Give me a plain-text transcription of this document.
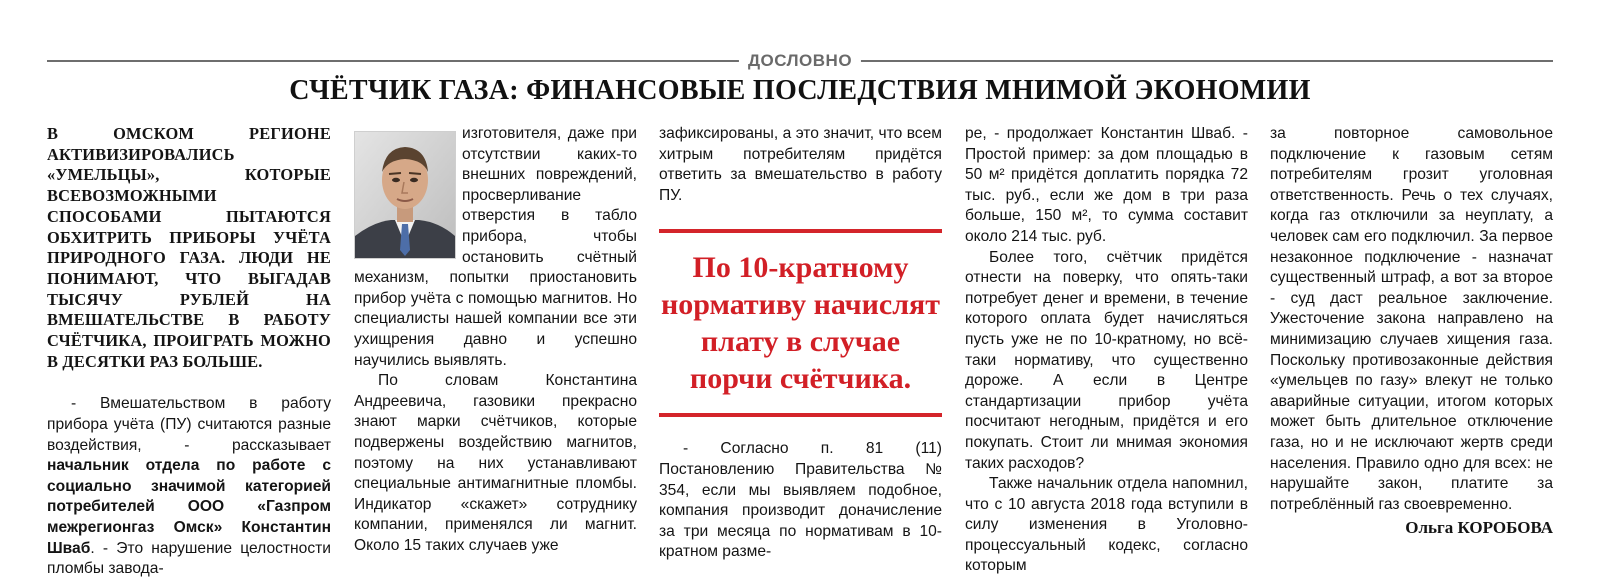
ДОСЛОВНО
СЧЁТЧИК ГАЗА: ФИНАНСОВЫЕ ПОСЛЕДСТВИЯ МНИМОЙ ЭКОНОМИИ

В ОМСКОМ РЕГИОНЕ АКТИВИЗИРОВАЛИСЬ «УМЕЛЬЦЫ», КОТОРЫЕ ВСЕВОЗМОЖНЫМИ СПОСОБАМИ ПЫТАЮТСЯ ОБХИТРИТЬ ПРИБОРЫ УЧЁТА ПРИРОДНОГО ГАЗА. ЛЮДИ НЕ ПОНИМАЮТ, ЧТО ВЫГАДАВ ТЫСЯЧУ РУБЛЕЙ НА ВМЕШАТЕЛЬСТВЕ В РАБОТУ СЧЁТЧИКА, ПРОИГРАТЬ МОЖНО В ДЕСЯТКИ РАЗ БОЛЬШЕ.

- Вмешательством в работу прибора учёта (ПУ) считаются разные воздействия, - рассказывает начальник отдела по работе с социально значимой категорией потребителей ООО «Газпром межрегионгаз Омск» Константин Шваб. - Это нарушение целостности пломбы завода-

изготовителя, даже при отсутствии каких-то внешних повреждений, просверливание отверстия в табло прибора, чтобы остановить счётный механизм, попытки приостановить прибор учёта с помощью магнитов. Но специалисты нашей компании все эти ухищрения давно и успешно научились выявлять.

По словам Константина Андреевича, газовики прекрасно знают марки счётчиков, которые подвержены воздействию магнитов, поэтому на них устанавливают специальные антимагнитные пломбы. Индикатор «скажет» сотруднику компании, применялся ли магнит. Около 15 таких случаев уже

зафиксированы, а это значит, что всем хитрым потребителям придётся ответить за вмешательство в работу ПУ.

По 10-кратному нормативу начислят плату в случае порчи счётчика.

- Согласно п. 81 (11) Постановлению Правительства № 354, если мы выявляем подобное, компания производит доначисление за три месяца по нормативам в 10-кратном разме-

ре, - продолжает Константин Шваб. - Простой пример: за дом площадью в 50 м² придётся доплатить порядка 72 тыс. руб., если же дом в три раза больше, 150 м², то сумма составит около 214 тыс. руб.

Более того, счётчик придётся отнести на поверку, что опять-таки потребует денег и времени, в течение которого оплата будет начисляться пусть уже не по 10-кратному, но всё-таки нормативу, что существенно дороже. А если в Центре стандартизации прибор учёта посчитают негодным, придётся и его покупать. Стоит ли мнимая экономия таких расходов?

Также начальник отдела напомнил, что с 10 августа 2018 года вступили в силу изменения в Уголовно-процессуальный кодекс, согласно которым

за повторное самовольное подключение к газовым сетям потребителям грозит уголовная ответственность. Речь о тех случаях, когда газ отключили за неуплату, а человек сам его подключил. За первое незаконное подключение - назначат существенный штраф, а вот за второе - суд даст реальное заключение. Ужесточение закона направлено на минимизацию случаев хищения газа. Поскольку противозаконные действия «умельцев по газу» влекут не только аварийные ситуации, итогом которых может быть длительное отключение газа, но и не исключают жертв среди населения. Правило одно для всех: не нарушайте закон, платите за потреблённый газ своевременно.

Ольга КОРОБОВА
